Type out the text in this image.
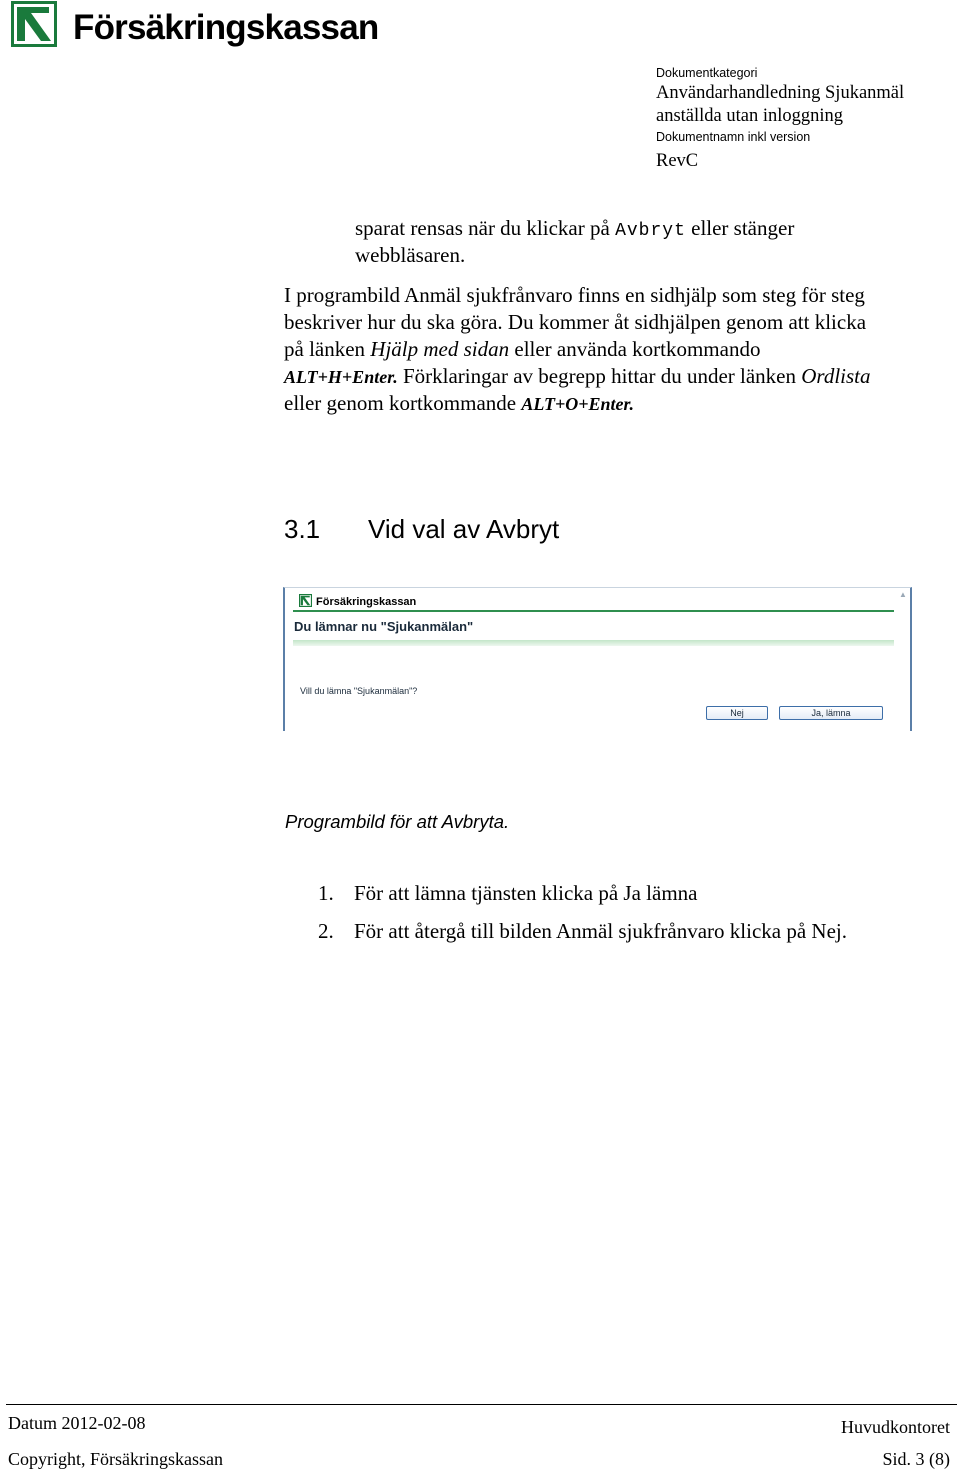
Försäkringskassan
Dokumentkategori
Användarhandledning Sjukanmäl
anställda utan inloggning
Dokumentnamn inkl version
RevC
sparat rensas när du klickar på Avbryt eller stänger
webbläsaren.
I programbild Anmäl sjukfrånvaro finns en sidhjälp som steg för steg
beskriver hur du ska göra. Du kommer åt sidhjälpen genom att klicka
på länken Hjälp med sidan eller använda kortkommando
ALT+H+Enter. Förklaringar av begrepp hittar du under länken Ordlista
eller genom kortkommande ALT+O+Enter.
3.1 Vid val av Avbryt
Försäkringskassan
▲
Du lämnar nu "Sjukanmälan"
Vill du lämna "Sjukanmälan"?
Nej	Ja, lämna
Programbild för att Avbryta.
1. För att lämna tjänsten klicka på Ja lämna
2. För att återgå till bilden Anmäl sjukfrånvaro klicka på Nej.
Datum 2012-02-08	Huvudkontoret
Copyright, Försäkringskassan	Sid. 3 (8)
